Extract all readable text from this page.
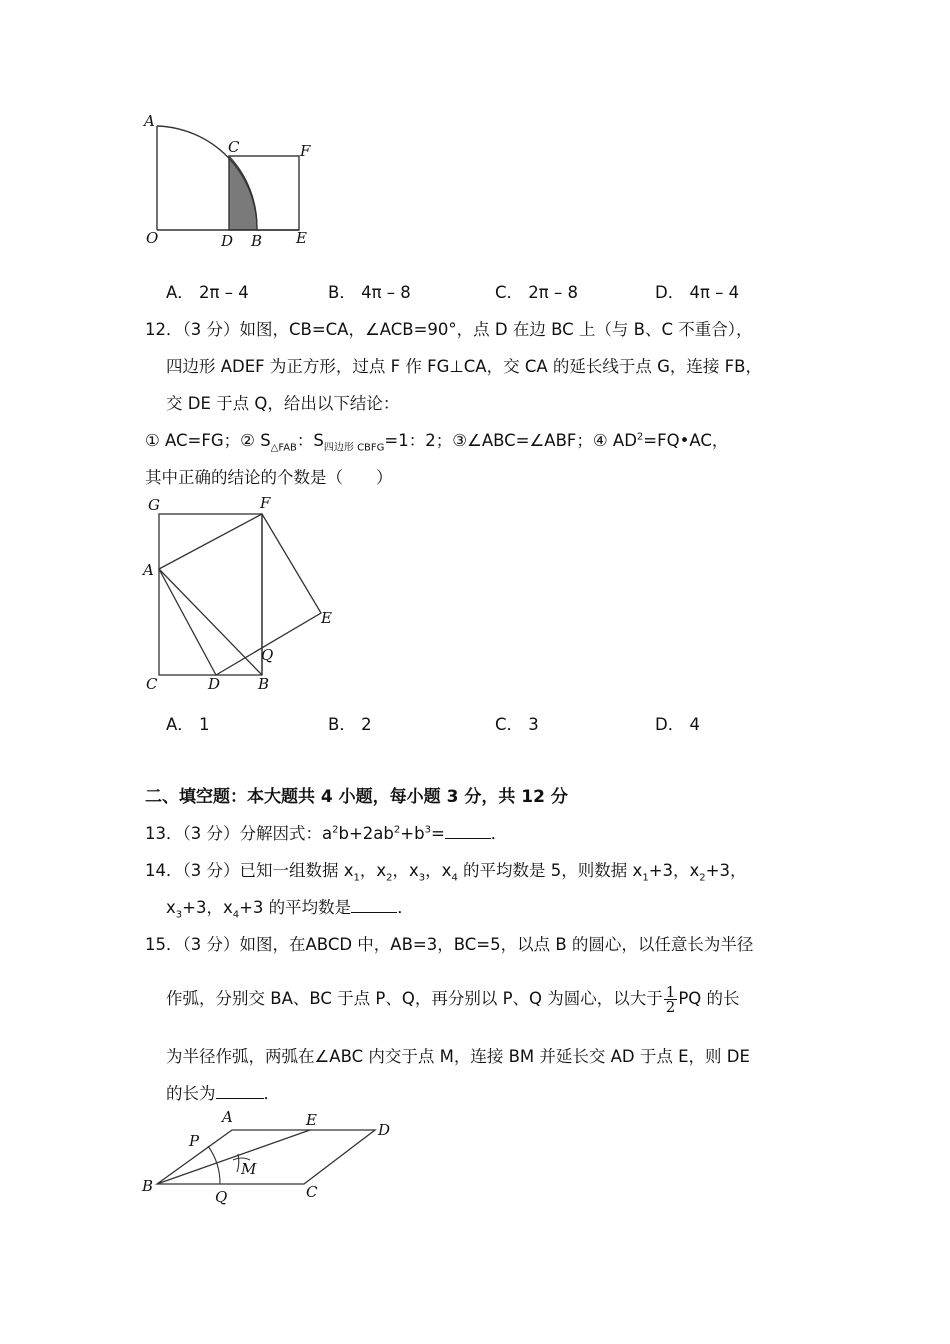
A
C	F
O	D B E
A． 2π – 4	B． 4π – 8	C． 2π – 8	D． 4π – 4
12．（3 分）如图，CB=CA，∠ACB=90°，点 D 在边 BC 上（与 B、C 不重合），
四边形 ADEF 为正方形，过点 F 作 FG⊥CA，交 CA 的延长线于点 G，连接 FB，
交 DE 于点 Q，给出以下结论：
① AC=FG；② $S_{\triangle FAB}$：$S_{四边形 CBFG}=1$：2；③∠ABC=∠ABF；④ $AD^2=FQ•AC$，
其中正确的结论的个数是（　　）
G	F
A
E
Q
C	D	B
A． 1	B． 2	C． 3	D． 4
二、填空题：本大题共 4 小题，每小题 3 分，共 12 分
13．（3 分）分解因式：$a^2b+2ab^2+b^3=$	．
14．（3 分）已知一组数据 $x_1$，$x_2$，$x_3$，$x_4$ 的平均数是 5，则数据 $x_1+3$，$x_2+3$，
$x_3+3$，$x_4+3$ 的平均数是	．
15．（3 分）如图，在ABCD 中，AB=3，BC=5，以点 B 的圆心，以任意长为半径
作弧，分别交 BA、BC 于点 P、Q，再分别以 P、Q 为圆心，以大于 $\frac{1}{2}$ PQ 的长
为半径作弧，两弧在∠ABC 内交于点 M，连接 BM 并延长交 AD 于点 E，则 DE
的长为	．
A	E
D
P
M
B
Q	C
